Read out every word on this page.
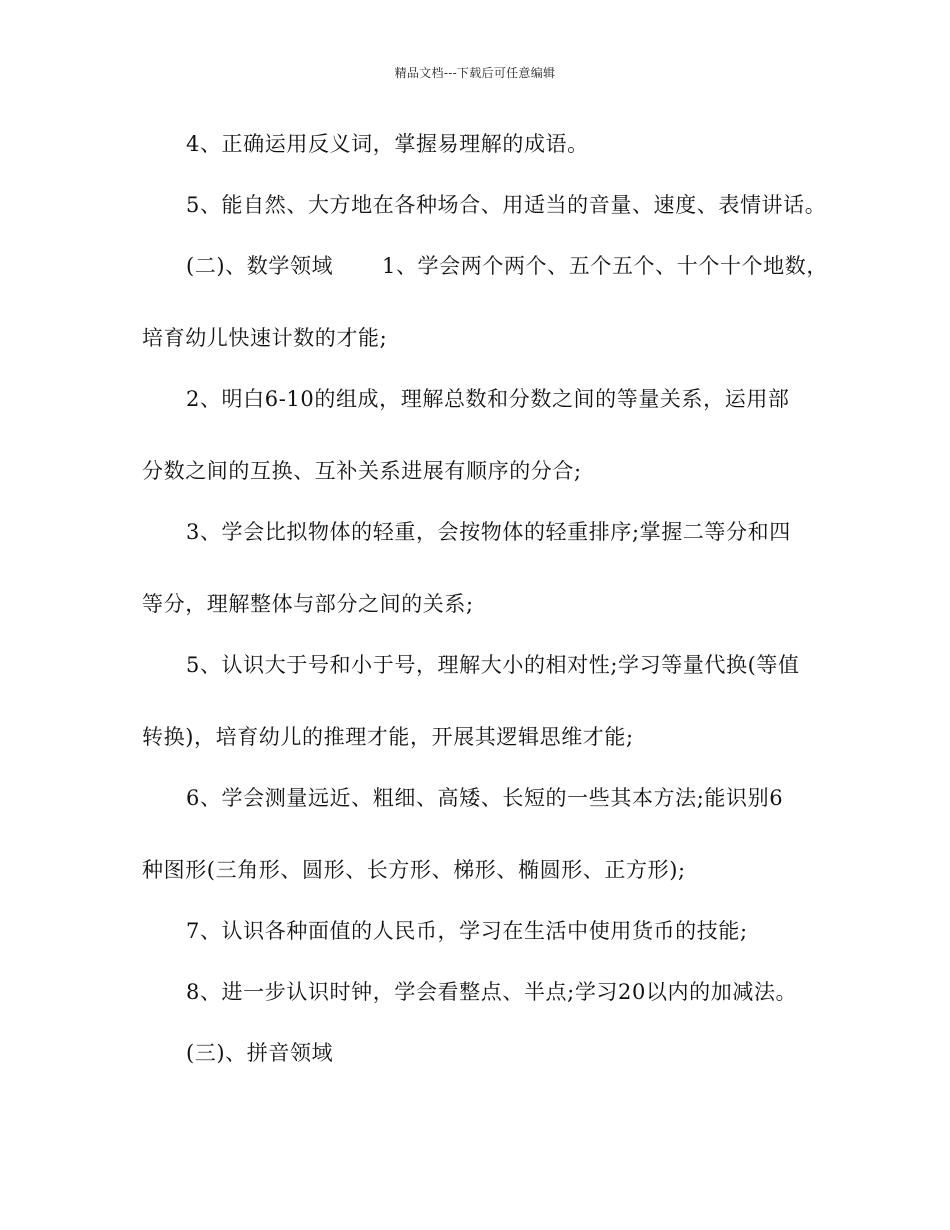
精品文档---下载后可任意编辑
4、正确运用反义词，掌握易理解的成语。
5、能自然、大方地在各种场合、用适当的音量、速度、表情讲话。
(二)、数学领域 1、学会两个两个、五个五个、十个十个地数，
培育幼儿快速计数的才能;
2、明白6-10的组成，理解总数和分数之间的等量关系，运用部
分数之间的互换、互补关系进展有顺序的分合;
3、学会比拟物体的轻重，会按物体的轻重排序;掌握二等分和四
等分，理解整体与部分之间的关系;
5、认识大于号和小于号，理解大小的相对性;学习等量代换(等值
转换)，培育幼儿的推理才能，开展其逻辑思维才能;
6、学会测量远近、粗细、高矮、长短的一些其本方法;能识别6
种图形(三角形、圆形、长方形、梯形、椭圆形、正方形);
7、认识各种面值的人民币，学习在生活中使用货币的技能;
8、进一步认识时钟，学会看整点、半点;学习20以内的加减法。
(三)、拼音领域
